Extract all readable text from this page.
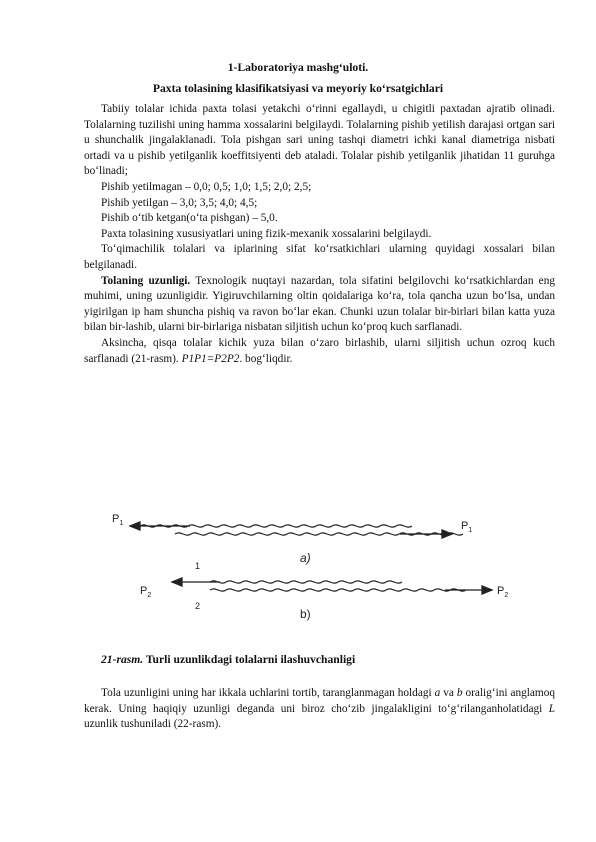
1-Laboratoriya mashg‘uloti.
Paxta tolasining klasifikatsiyasi va meyoriy ko‘rsatgichlari

Tabiiy tolalar ichida paxta tolasi yetakchi o‘rinni egallaydi, u chigitli paxtadan ajratib olinadi. Tolalarning tuzilishi uning hamma xossalarini belgilaydi. Tolalarning pishib yetilish darajasi ortgan sari u shunchalik jingalaklanadi. Tola pishgan sari uning tashqi diametri ichki kanal diametriga nisbati ortadi va u pishib yetilganlik koeffitsiyenti deb ataladi. Tolalar pishib yetilganlik jihatidan 11 guruhga bo‘linadi;

Pishib yetilmagan – 0,0; 0,5; 1,0; 1,5; 2,0; 2,5;

Pishib yetilgan – 3,0; 3,5; 4,0; 4,5;

Pishib o‘tib ketgan(o‘ta pishgan) – 5,0.

Paxta tolasining xususiyatlari uning fizik-mexanik xossalarini belgilaydi.

To‘qimachilik tolalari va iplarining sifat ko‘rsatkichlari ularning quyidagi xossalari bilan belgilanadi.

Tolaning uzunligi. Texnologik nuqtayi nazardan, tola sifatini belgilovchi ko‘rsatkichlardan eng muhimi, uning uzunligidir. Yigiruvchilarning oltin qoidalariga ko‘ra, tola qancha uzun bo‘lsa, undan yigirilgan ip ham shuncha pishiq va ravon bo‘lar ekan. Chunki uzun tolalar bir-birlari bilan katta yuza bilan bir-lashib, ularni bir-birlariga nisbatan siljitish uchun ko‘proq kuch sarflanadi.

Aksincha, qisqa tolalar kichik yuza bilan o‘zaro birlashib, ularni siljitish uchun ozroq kuch sarflanadi (21-rasm). P1P1=P2P2. bog‘liqdir.

$P_1$	$P_1$
a)
1
$P_2$	$P_2$
2
b)

21-rasm. Turli uzunlikdagi tolalarni ilashuvchanligi

Tola uzunligini uning har ikkala uchlarini tortib, taranglanmagan holdagi a va b oralig‘ini anglamoq kerak. Uning haqiqiy uzunligi deganda uni biroz cho‘zib jingalakligini to‘g‘rilanganholatidagi L uzunlik tushuniladi (22-rasm).
